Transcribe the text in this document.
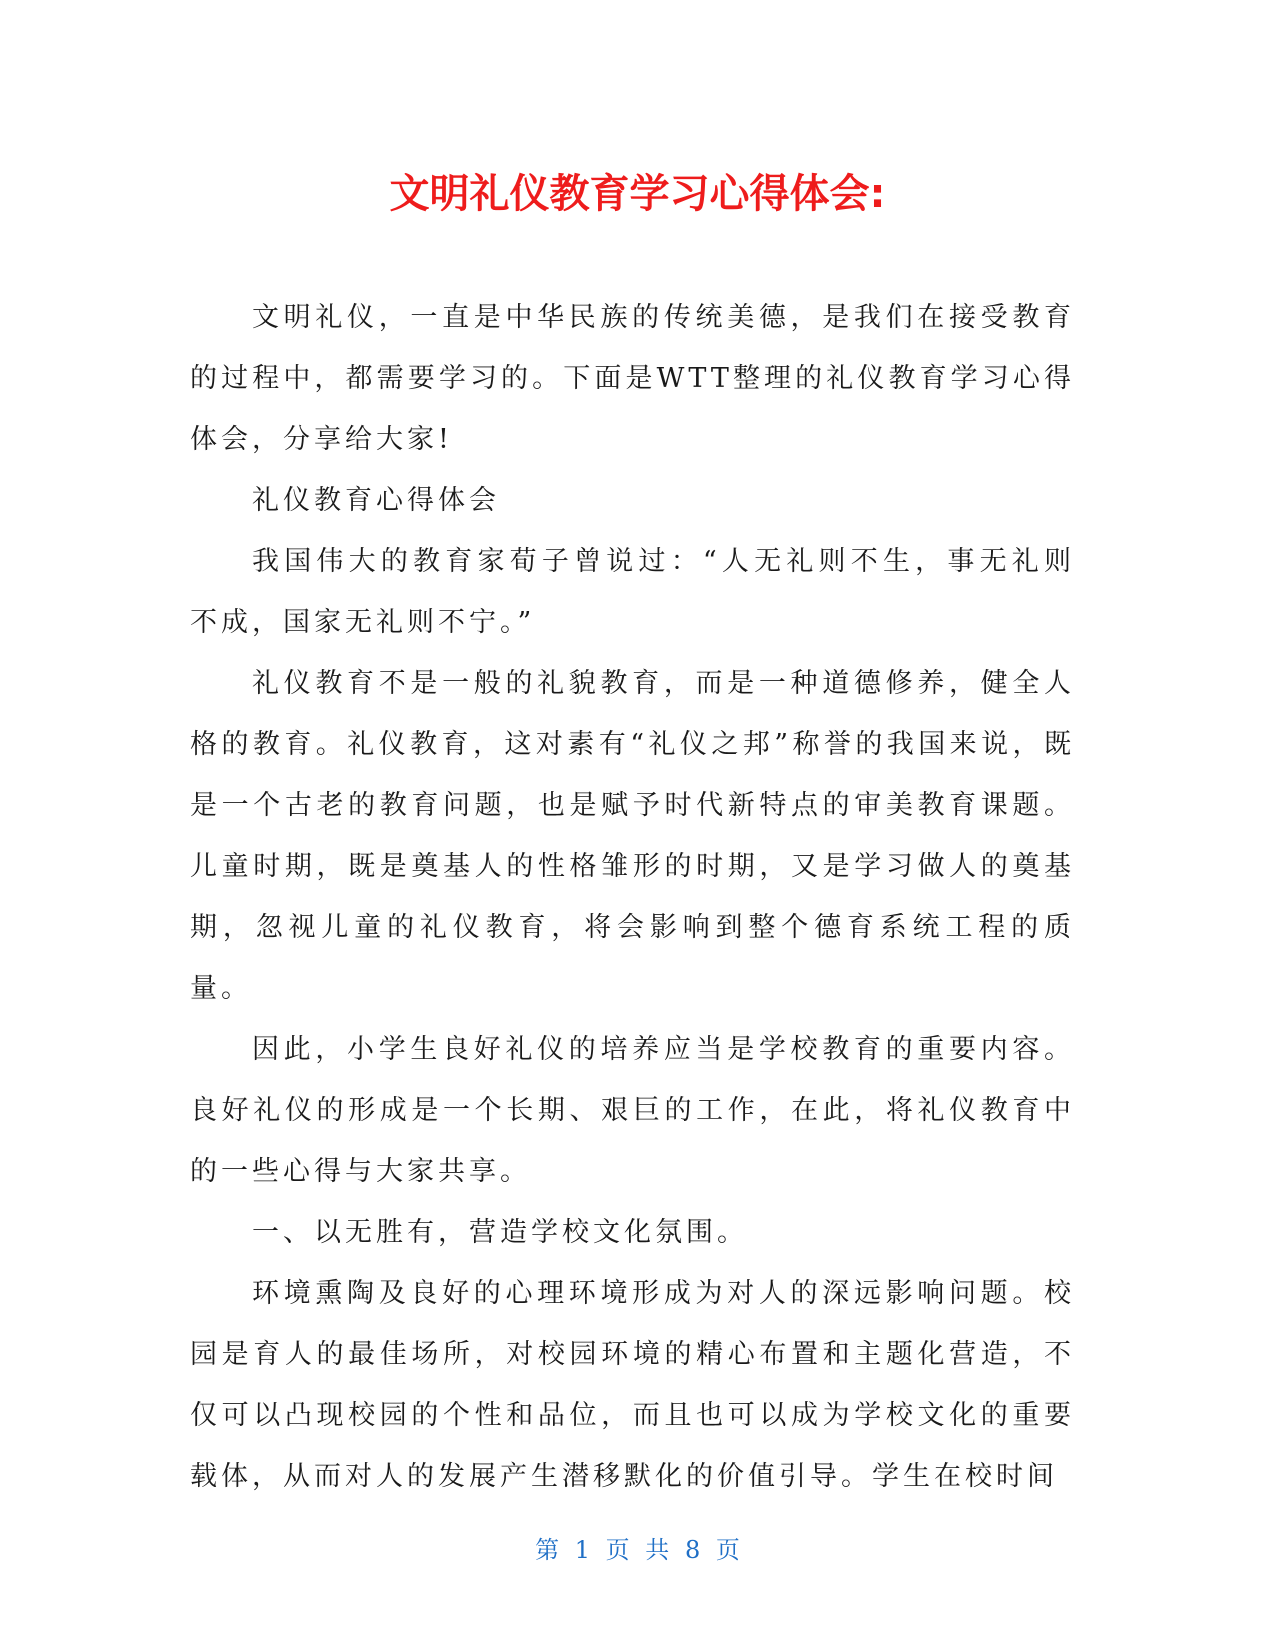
文明礼仪教育学习心得体会:

文明礼仪，一直是中华民族的传统美德，是我们在接受教育的过程中，都需要学习的。下面是WTT整理的礼仪教育学习心得体会，分享给大家!

礼仪教育心得体会

我国伟大的教育家荀子曾说过：“人无礼则不生，事无礼则不成，国家无礼则不宁。”

礼仪教育不是一般的礼貌教育，而是一种道德修养，健全人格的教育。礼仪教育，这对素有“礼仪之邦”称誉的我国来说，既是一个古老的教育问题，也是赋予时代新特点的审美教育课题。儿童时期，既是奠基人的性格雏形的时期，又是学习做人的奠基期，忽视儿童的礼仪教育，将会影响到整个德育系统工程的质量。

因此，小学生良好礼仪的培养应当是学校教育的重要内容。良好礼仪的形成是一个长期、艰巨的工作，在此，将礼仪教育中的一些心得与大家共享。

一、以无胜有，营造学校文化氛围。

环境熏陶及良好的心理环境形成为对人的深远影响问题。校园是育人的最佳场所，对校园环境的精心布置和主题化营造，不仅可以凸现校园的个性和品位，而且也可以成为学校文化的重要载体，从而对人的发展产生潜移默化的价值引导。学生在校时间

第 1 页 共 8 页
